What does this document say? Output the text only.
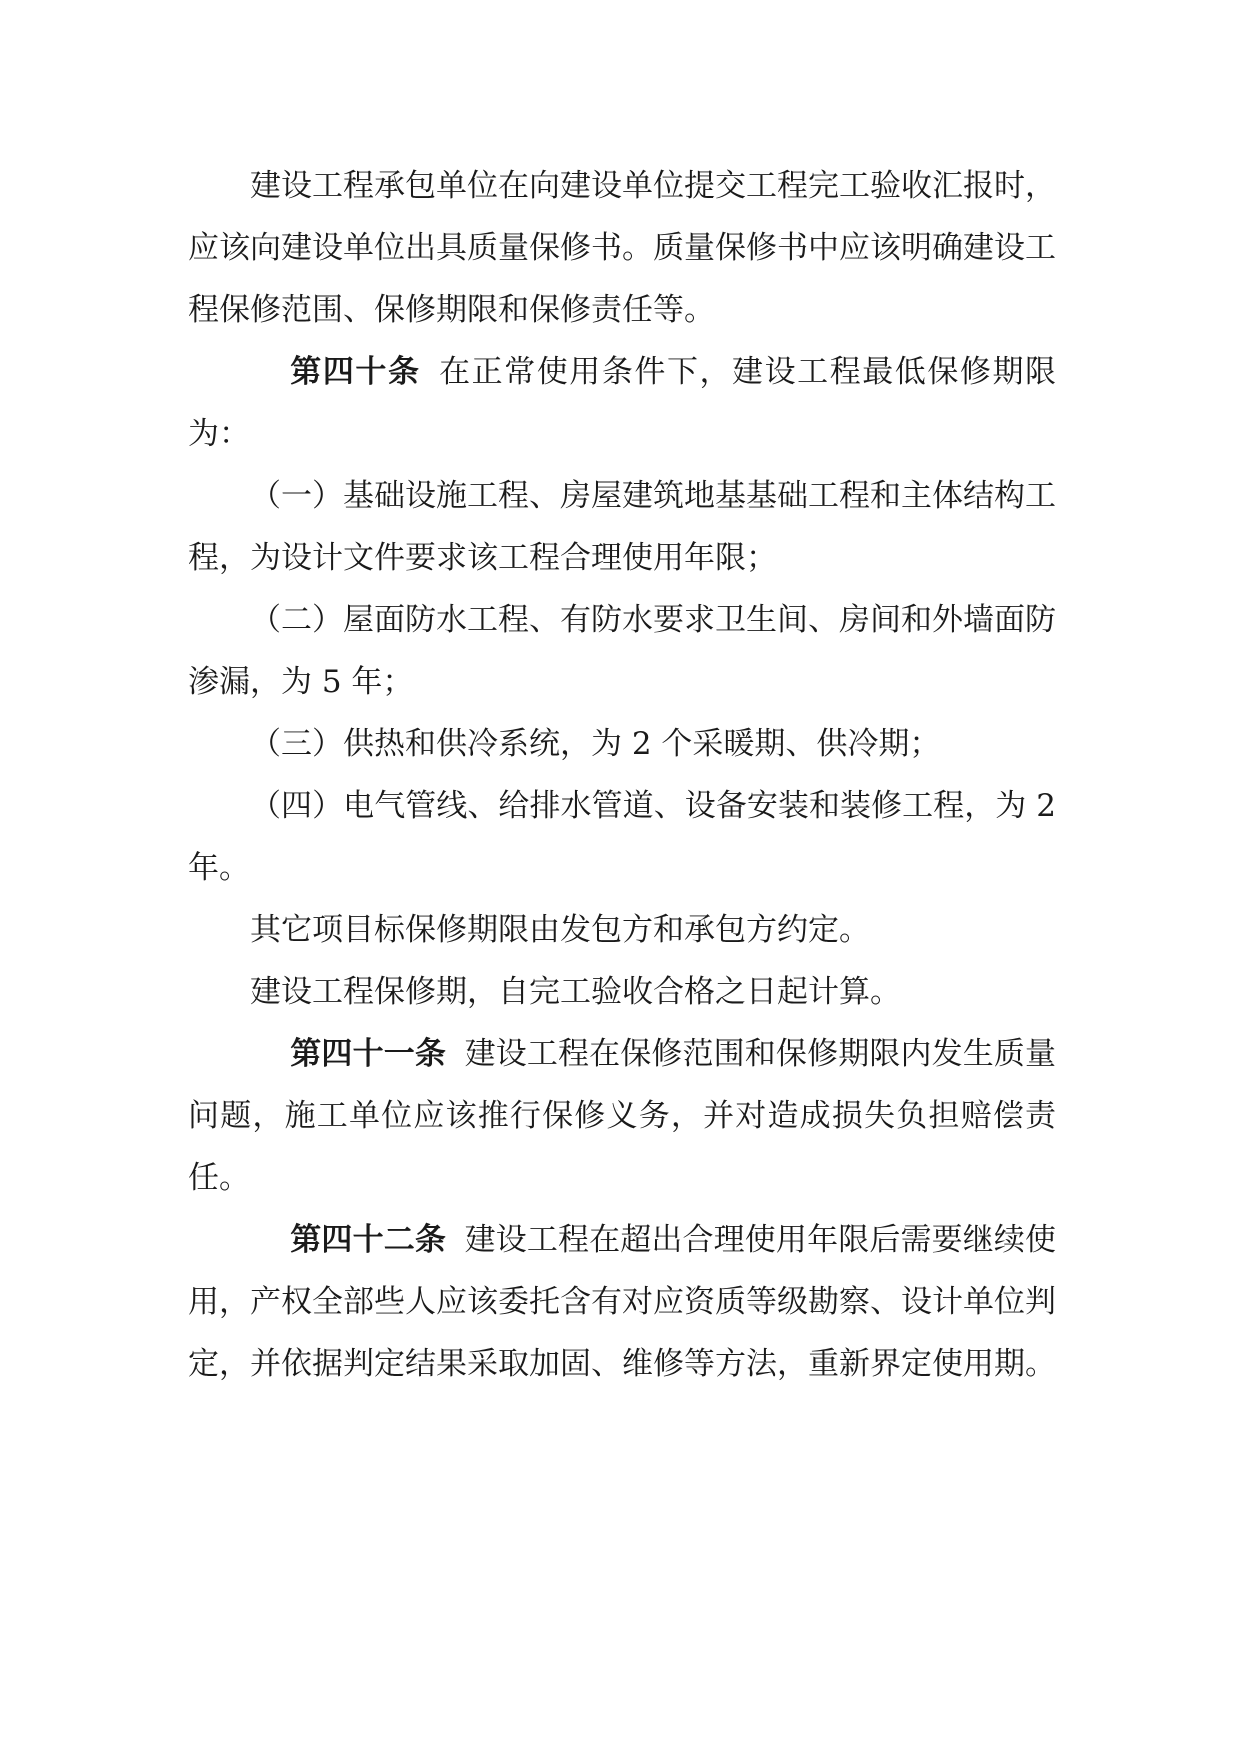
建设工程承包单位在向建设单位提交工程完工验收汇报时，应该向建设单位出具质量保修书。质量保修书中应该明确建设工程保修范围、保修期限和保修责任等。

第四十条 在正常使用条件下，建设工程最低保修期限为：

（一）基础设施工程、房屋建筑地基基础工程和主体结构工程，为设计文件要求该工程合理使用年限；

（二）屋面防水工程、有防水要求卫生间、房间和外墙面防渗漏，为 5 年；

（三）供热和供冷系统，为 2 个采暖期、供冷期；

（四）电气管线、给排水管道、设备安装和装修工程，为 2 年。

其它项目标保修期限由发包方和承包方约定。

建设工程保修期，自完工验收合格之日起计算。

第四十一条 建设工程在保修范围和保修期限内发生质量问题，施工单位应该推行保修义务，并对造成损失负担赔偿责任。

第四十二条 建设工程在超出合理使用年限后需要继续使用，产权全部些人应该委托含有对应资质等级勘察、设计单位判定，并依据判定结果采取加固、维修等方法，重新界定使用期。
